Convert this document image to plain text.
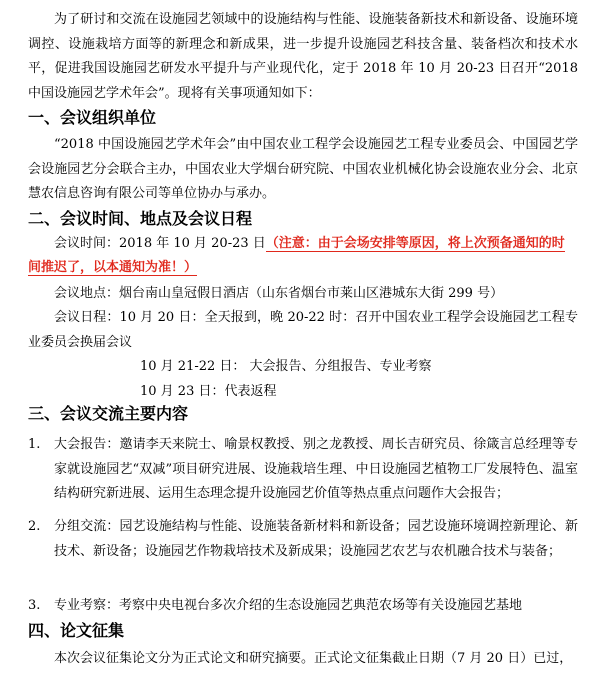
为了研讨和交流在设施园艺领域中的设施结构与性能、设施装备新技术和新设备、设施环境调控、设施栽培方面等的新理念和新成果，进一步提升设施园艺科技含量、装备档次和技术水平，促进我国设施园艺研发水平提升与产业现代化，定于 2018 年 10 月 20-23 日召开“2018 中国设施园艺学术年会”。现将有关事项通知如下：
一、会议组织单位
“2018 中国设施园艺学术年会”由中国农业工程学会设施园艺工程专业委员会、中国园艺学会设施园艺分会联合主办，中国农业大学烟台研究院、中国农业机械化协会设施农业分会、北京慧农信息咨询有限公司等单位协办与承办。
二、会议时间、地点及会议日程
会议时间：2018 年 10 月 20-23 日（注意：由于会场安排等原因，将上次预备通知的时
间推迟了，以本通知为准！）
会议地点：烟台南山皇冠假日酒店（山东省烟台市莱山区港城东大街 299 号）
会议日程：10 月 20 日：全天报到，晚 20-22 时：召开中国农业工程学会设施园艺工程专业委员会换届会议
10 月 21-22 日： 大会报告、分组报告、专业考察
10 月 23 日：代表返程
三、会议交流主要内容
1. 大会报告：邀请李天来院士、喻景权教授、别之龙教授、周长吉研究员、徐箴言总经理等专家就设施园艺“双减”项目研究进展、设施栽培生理、中日设施园艺植物工厂发展特色、温室结构研究新进展、运用生态理念提升设施园艺价值等热点重点问题作大会报告；
2. 分组交流：园艺设施结构与性能、设施装备新材料和新设备；园艺设施环境调控新理论、新技术、新设备；设施园艺作物栽培技术及新成果；设施园艺农艺与农机融合技术与装备；
3. 专业考察：考察中央电视台多次介绍的生态设施园艺典范农场等有关设施园艺基地
四、论文征集
本次会议征集论文分为正式论文和研究摘要。正式论文征集截止日期（7 月 20 日）已过，
